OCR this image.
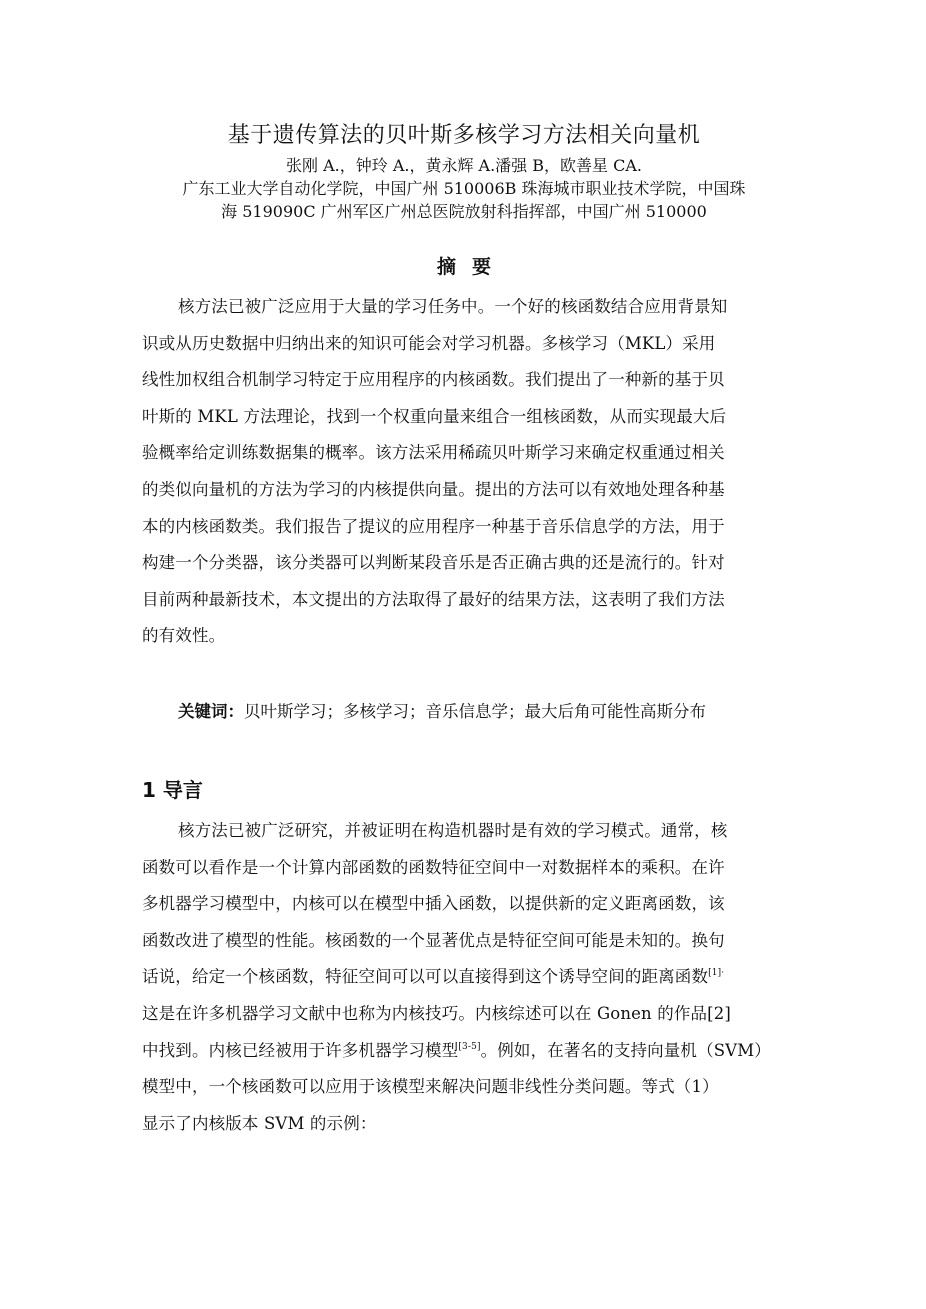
基于遗传算法的贝叶斯多核学习方法相关向量机

张刚 A.，钟玲 A.，黄永辉 A.潘强 B，欧善星 CA.

广东工业大学自动化学院，中国广州 510006B 珠海城市职业技术学院，中国珠

海 519090C 广州军区广州总医院放射科指挥部，中国广州 510000

摘要
核方法已被广泛应用于大量的学习任务中。一个好的核函数结合应用背景知
识或从历史数据中归纳出来的知识可能会对学习机器。多核学习（MKL）采用
线性加权组合机制学习特定于应用程序的内核函数。我们提出了一种新的基于贝
叶斯的 MKL 方法理论，找到一个权重向量来组合一组核函数，从而实现最大后
验概率给定训练数据集的概率。该方法采用稀疏贝叶斯学习来确定权重通过相关
的类似向量机的方法为学习的内核提供向量。提出的方法可以有效地处理各种基
本的内核函数类。我们报告了提议的应用程序一种基于音乐信息学的方法，用于
构建一个分类器，该分类器可以判断某段音乐是否正确古典的还是流行的。针对
目前两种最新技术，本文提出的方法取得了最好的结果方法，这表明了我们方法
的有效性。
关键词：贝叶斯学习；多核学习；音乐信息学；最大后角可能性高斯分布
1 导言
核方法已被广泛研究，并被证明在构造机器时是有效的学习模式。通常，核
函数可以看作是一个计算内部函数的函数特征空间中一对数据样本的乘积。在许
多机器学习模型中，内核可以在模型中插入函数，以提供新的定义距离函数，该
函数改进了模型的性能。核函数的一个显著优点是特征空间可能是未知的。换句
话说，给定一个核函数，特征空间可以可以直接得到这个诱导空间的距离函数$^{[1]\cdot}$
这是在许多机器学习文献中也称为内核技巧。内核综述可以在 Gonen 的作品[2]
中找到。内核已经被用于许多机器学习模型[3-5]。例如，在著名的支持向量机（SVM）
模型中，一个核函数可以应用于该模型来解决问题非线性分类问题。等式（1）
显示了内核版本 SVM 的示例：
